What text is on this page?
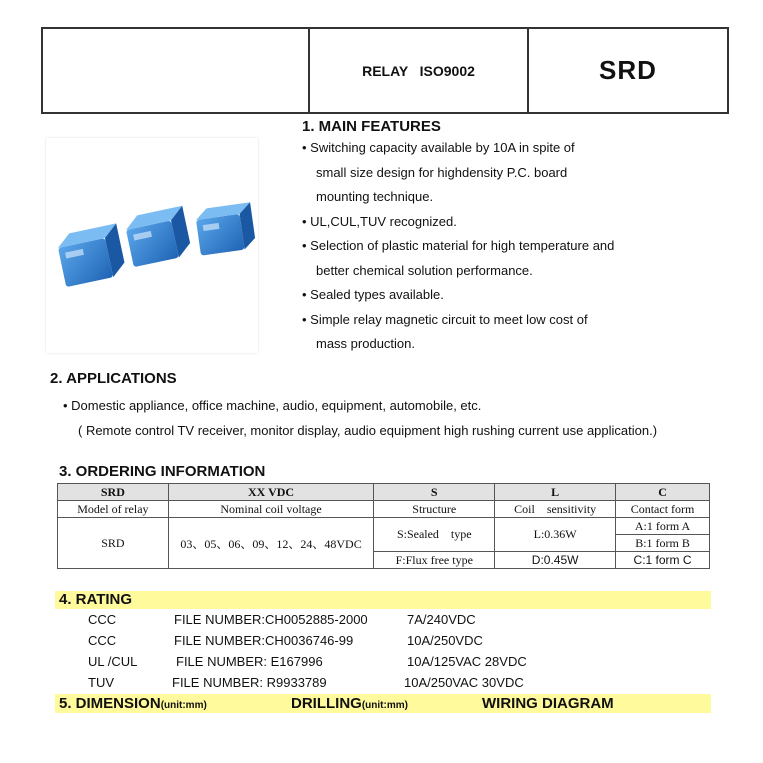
RELAY   ISO9002	SRD
1. MAIN FEATURES
• Switching capacity available by 10A in spite of
small size design for highdensity P.C. board
mounting technique.
• UL,CUL,TUV recognized.
• Selection of plastic material for high temperature and
better chemical solution performance.
• Sealed types available.
• Simple relay magnetic circuit to meet low cost of
mass production.
2. APPLICATIONS
• Domestic appliance, office machine, audio, equipment, automobile, etc.
( Remote control TV receiver, monitor display, audio equipment high rushing current use application.)
3. ORDERING INFORMATION
SRD	XX VDC	S	L	C
Model of relay	Nominal coil voltage	Structure	Coil    sensitivity	Contact form
SRD	03、05、06、09、12、24、48VDC	S:Sealed    type	L:0.36W	A:1 form A
				B:1 form B
		F:Flux free type	D:0.45W	C:1 form C
4. RATING
CCC	FILE NUMBER:CH0052885-2000	7A/240VDC
CCC	FILE NUMBER:CH0036746-99	10A/250VDC
UL /CUL	FILE NUMBER: E167996	10A/125VAC 28VDC
TUV	FILE NUMBER: R9933789	10A/250VAC 30VDC
5. DIMENSION(unit:mm)	DRILLING(unit:mm)	WIRING DIAGRAM
